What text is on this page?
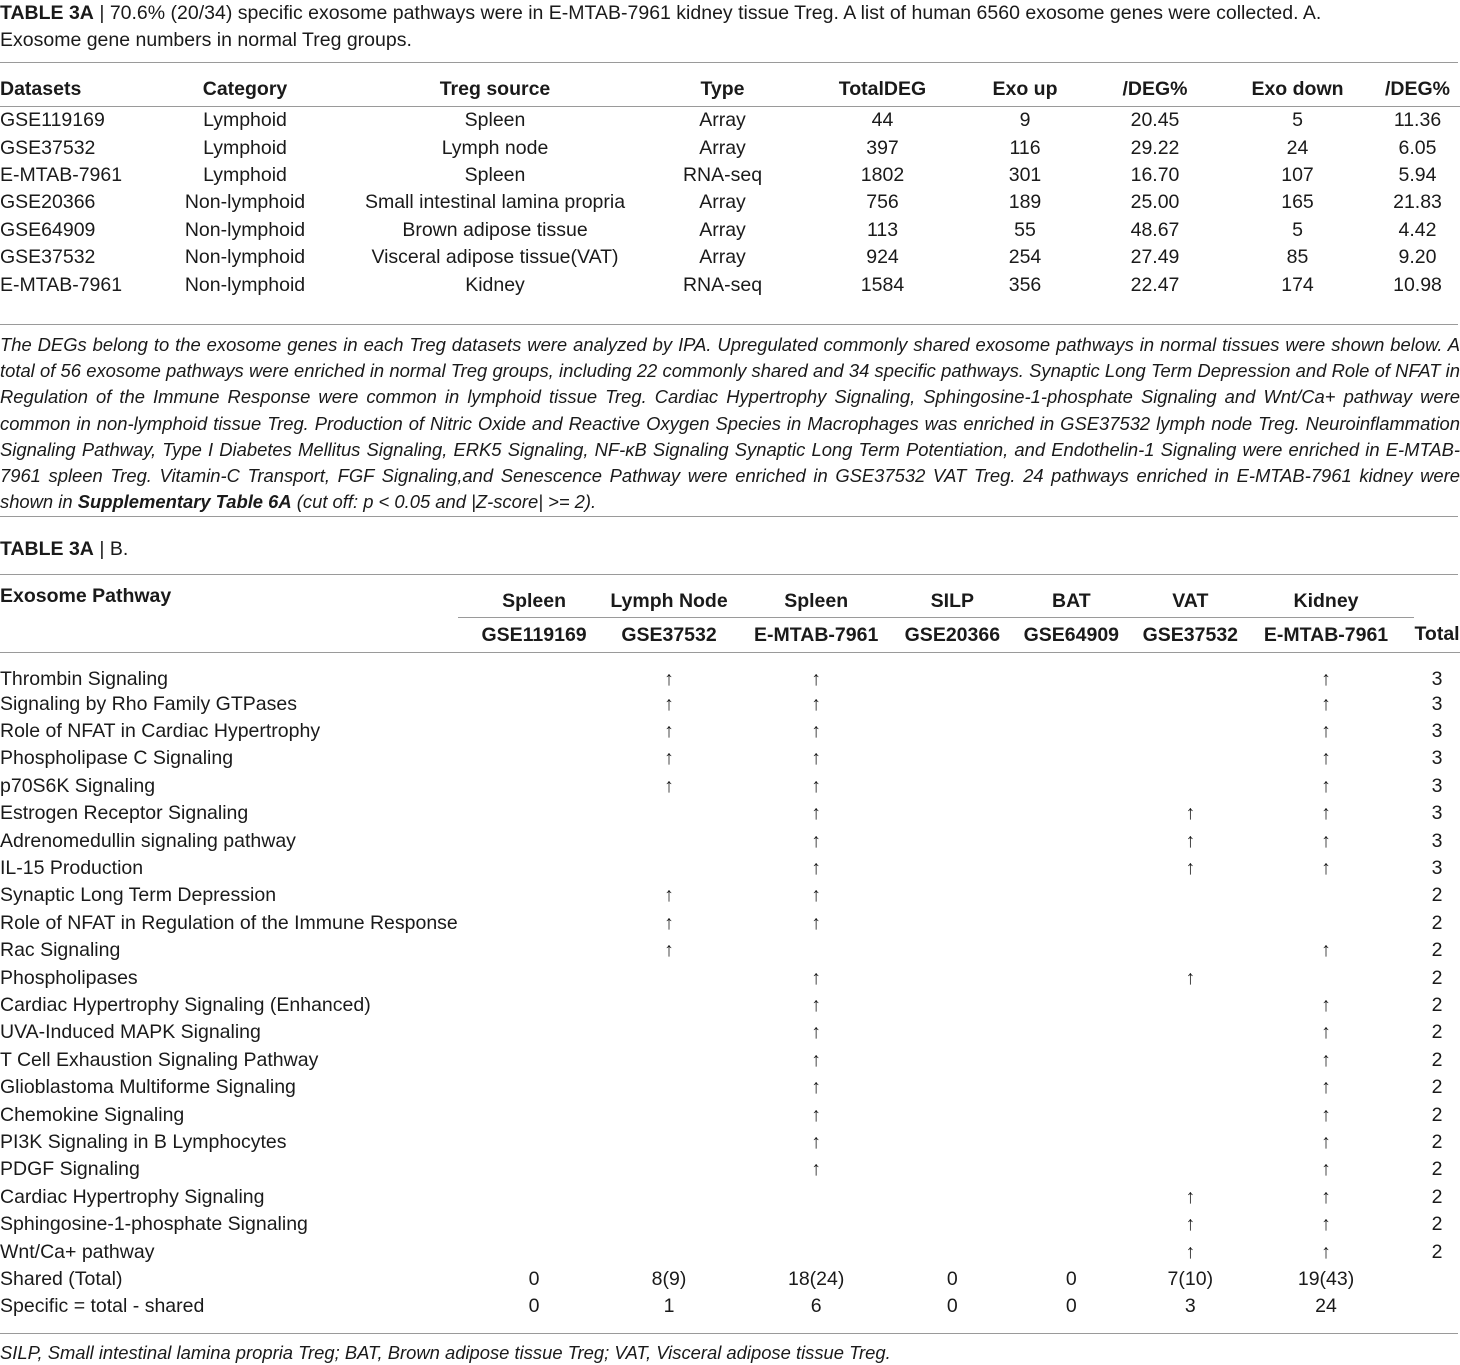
TABLE 3A | 70.6% (20/34) specific exosome pathways were in E-MTAB-7961 kidney tissue Treg. A list of human 6560 exosome genes were collected. A. Exosome gene numbers in normal Treg groups.
Datasets	Category	Treg source	Type	TotalDEG	Exo up	/DEG%	Exo down	/DEG%
GSE119169	Lymphoid	Spleen	Array	44	9	20.45	5	11.36
GSE37532	Lymphoid	Lymph node	Array	397	116	29.22	24	6.05
E-MTAB-7961	Lymphoid	Spleen	RNA-seq	1802	301	16.70	107	5.94
GSE20366	Non-lymphoid	Small intestinal lamina propria	Array	756	189	25.00	165	21.83
GSE64909	Non-lymphoid	Brown adipose tissue	Array	113	55	48.67	5	4.42
GSE37532	Non-lymphoid	Visceral adipose tissue(VAT)	Array	924	254	27.49	85	9.20
E-MTAB-7961	Non-lymphoid	Kidney	RNA-seq	1584	356	22.47	174	10.98
The DEGs belong to the exosome genes in each Treg datasets were analyzed by IPA. Upregulated commonly shared exosome pathways in normal tissues were shown below. A total of 56 exosome pathways were enriched in normal Treg groups, including 22 commonly shared and 34 specific pathways. Synaptic Long Term Depression and Role of NFAT in Regulation of the Immune Response were common in lymphoid tissue Treg. Cardiac Hypertrophy Signaling, Sphingosine-1-phosphate Signaling and Wnt/Ca+ pathway were common in non-lymphoid tissue Treg. Production of Nitric Oxide and Reactive Oxygen Species in Macrophages was enriched in GSE37532 lymph node Treg. Neuroinflammation Signaling Pathway, Type I Diabetes Mellitus Signaling, ERK5 Signaling, NF-κB Signaling Synaptic Long Term Potentiation, and Endothelin-1 Signaling were enriched in E-MTAB-7961 spleen Treg. Vitamin-C Transport, FGF Signaling,and Senescence Pathway were enriched in GSE37532 VAT Treg. 24 pathways enriched in E-MTAB-7961 kidney were shown in Supplementary Table 6A (cut off: p < 0.05 and |Z-score| >= 2).
TABLE 3A | B.
Exosome Pathway	Spleen	Lymph Node	Spleen	SILP	BAT	VAT	Kidney	
	GSE119169	GSE37532	E-MTAB-7961	GSE20366	GSE64909	GSE37532	E-MTAB-7961	Total
Thrombin Signaling		↑	↑				↑	3
Signaling by Rho Family GTPases		↑	↑				↑	3
Role of NFAT in Cardiac Hypertrophy		↑	↑				↑	3
Phospholipase C Signaling		↑	↑				↑	3
p70S6K Signaling		↑	↑				↑	3
Estrogen Receptor Signaling			↑			↑	↑	3
Adrenomedullin signaling pathway			↑			↑	↑	3
IL-15 Production			↑			↑	↑	3
Synaptic Long Term Depression		↑	↑					2
Role of NFAT in Regulation of the Immune Response		↑	↑					2
Rac Signaling		↑					↑	2
Phospholipases			↑			↑		2
Cardiac Hypertrophy Signaling (Enhanced)			↑				↑	2
UVA-Induced MAPK Signaling			↑				↑	2
T Cell Exhaustion Signaling Pathway			↑				↑	2
Glioblastoma Multiforme Signaling			↑				↑	2
Chemokine Signaling			↑				↑	2
PI3K Signaling in B Lymphocytes			↑				↑	2
PDGF Signaling			↑				↑	2
Cardiac Hypertrophy Signaling						↑	↑	2
Sphingosine-1-phosphate Signaling						↑	↑	2
Wnt/Ca+ pathway						↑	↑	2
Shared (Total)	0	8(9)	18(24)	0	0	7(10)	19(43)	
Specific = total - shared	0	1	6	0	0	3	24	
SILP, Small intestinal lamina propria Treg; BAT, Brown adipose tissue Treg; VAT, Visceral adipose tissue Treg.
